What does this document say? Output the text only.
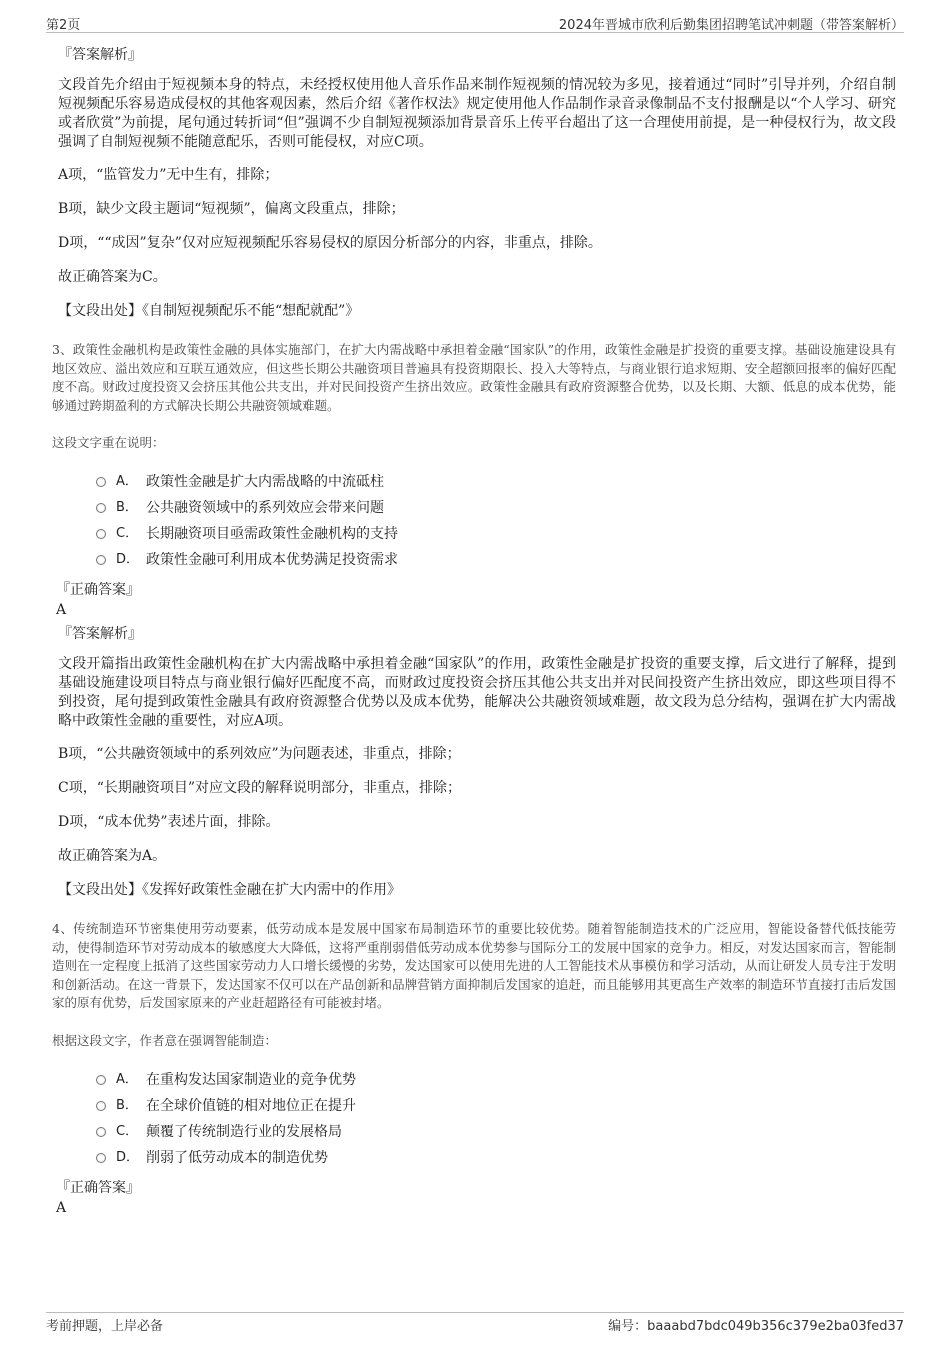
第2页	2024年晋城市欣利后勤集团招聘笔试冲刺题（带答案解析）
『答案解析』
文段首先介绍由于短视频本身的特点，未经授权使用他人音乐作品来制作短视频的情况较为多见，接着通过“同时”引导并列，介绍自制短视频配乐容易造成侵权的其他客观因素，然后介绍《著作权法》规定使用他人作品制作录音录像制品不支付报酬是以“个人学习、研究或者欣赏”为前提，尾句通过转折词“但”强调不少自制短视频添加背景音乐上传平台超出了这一合理使用前提，是一种侵权行为，故文段强调了自制短视频不能随意配乐，否则可能侵权，对应C项。
A项，“监管发力”无中生有，排除；
B项，缺少文段主题词“短视频”，偏离文段重点，排除；
D项，““成因”复杂”仅对应短视频配乐容易侵权的原因分析部分的内容，非重点，排除。
故正确答案为C。
【文段出处】《自制短视频配乐不能“想配就配”》
3、政策性金融机构是政策性金融的具体实施部门，在扩大内需战略中承担着金融“国家队”的作用，政策性金融是扩投资的重要支撑。基础设施建设具有地区效应、溢出效应和互联互通效应，但这些长期公共融资项目普遍具有投资期限长、投入大等特点，与商业银行追求短期、安全超额回报率的偏好匹配度不高。财政过度投资又会挤压其他公共支出，并对民间投资产生挤出效应。政策性金融具有政府资源整合优势，以及长期、大额、低息的成本优势，能够通过跨期盈利的方式解决长期公共融资领域难题。
这段文字重在说明：
A． 政策性金融是扩大内需战略的中流砥柱
B． 公共融资领域中的系列效应会带来问题
C． 长期融资项目亟需政策性金融机构的支持
D． 政策性金融可利用成本优势满足投资需求
『正确答案』
A
『答案解析』
文段开篇指出政策性金融机构在扩大内需战略中承担着金融“国家队”的作用，政策性金融是扩投资的重要支撑，后文进行了解释，提到基础设施建设项目特点与商业银行偏好匹配度不高，而财政过度投资会挤压其他公共支出并对民间投资产生挤出效应，即这些项目得不到投资，尾句提到政策性金融具有政府资源整合优势以及成本优势，能解决公共融资领域难题，故文段为总分结构，强调在扩大内需战略中政策性金融的重要性，对应A项。
B项，“公共融资领域中的系列效应”为问题表述，非重点，排除；
C项，“长期融资项目”对应文段的解释说明部分，非重点，排除；
D项，“成本优势”表述片面，排除。
故正确答案为A。
【文段出处】《发挥好政策性金融在扩大内需中的作用》
4、传统制造环节密集使用劳动要素，低劳动成本是发展中国家布局制造环节的重要比较优势。随着智能制造技术的广泛应用，智能设备替代低技能劳动，使得制造环节对劳动成本的敏感度大大降低，这将严重削弱借低劳动成本优势参与国际分工的发展中国家的竞争力。相反，对发达国家而言，智能制造则在一定程度上抵消了这些国家劳动力人口增长缓慢的劣势，发达国家可以使用先进的人工智能技术从事模仿和学习活动，从而让研发人员专注于发明和创新活动。在这一背景下，发达国家不仅可以在产品创新和品牌营销方面抑制后发国家的追赶，而且能够用其更高生产效率的制造环节直接打击后发国家的原有优势，后发国家原来的产业赶超路径有可能被封堵。
根据这段文字，作者意在强调智能制造：
A． 在重构发达国家制造业的竞争优势
B． 在全球价值链的相对地位正在提升
C． 颠覆了传统制造行业的发展格局
D． 削弱了低劳动成本的制造优势
『正确答案』
A
考前押题，上岸必备	编号：baaabd7bdc049b356c379e2ba03fed37
